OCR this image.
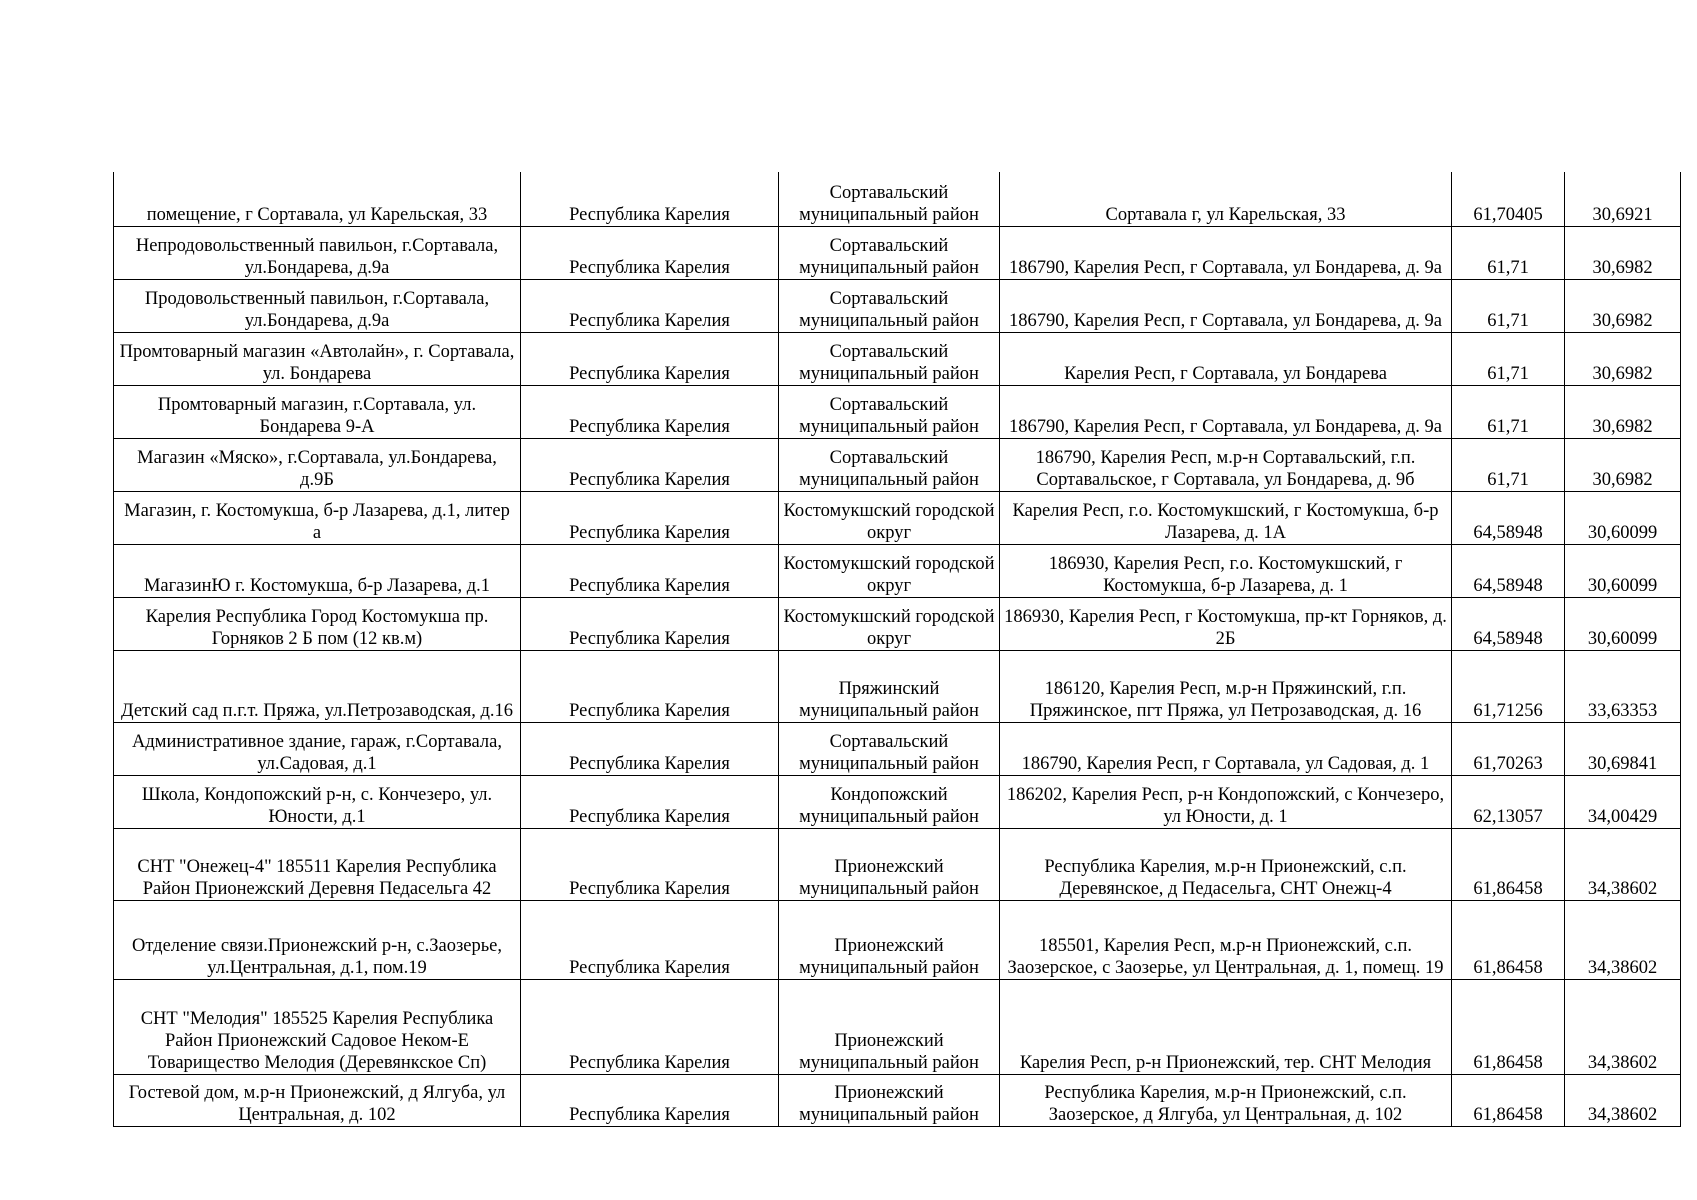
помещение, г Сортавала, ул Карельская, 33	Республика Карелия	Сортавальский муниципальный район	Сортавала г, ул Карельская, 33	61,70405	30,6921
Непродовольственный павильон, г.Сортавала, ул.Бондарева, д.9а	Республика Карелия	Сортавальский муниципальный район	186790, Карелия Респ, г Сортавала, ул Бондарева, д. 9а	61,71	30,6982
Продовольственный павильон, г.Сортавала, ул.Бондарева, д.9а	Республика Карелия	Сортавальский муниципальный район	186790, Карелия Респ, г Сортавала, ул Бондарева, д. 9а	61,71	30,6982
Промтоварный магазин «Автолайн», г. Сортавала, ул. Бондарева	Республика Карелия	Сортавальский муниципальный район	Карелия Респ, г Сортавала, ул Бондарева	61,71	30,6982
Промтоварный магазин, г.Сортавала, ул. Бондарева 9-А	Республика Карелия	Сортавальский муниципальный район	186790, Карелия Респ, г Сортавала, ул Бондарева, д. 9а	61,71	30,6982
Магазин «Мяско», г.Сортавала, ул.Бондарева, д.9Б	Республика Карелия	Сортавальский муниципальный район	186790, Карелия Респ, м.р-н Сортавальский, г.п. Сортавальское, г Сортавала, ул Бондарева, д. 9б	61,71	30,6982
Магазин, г. Костомукша, б-р Лазарева, д.1, литер а	Республика Карелия	Костомукшский городской округ	Карелия Респ, г.о. Костомукшский, г Костомукша, б-р Лазарева, д. 1А	64,58948	30,60099
МагазинЮ г. Костомукша, б-р Лазарева, д.1	Республика Карелия	Костомукшский городской округ	186930, Карелия Респ, г.о. Костомукшский, г Костомукша, б-р Лазарева, д. 1	64,58948	30,60099
Карелия Республика Город Костомукша пр. Горняков 2 Б пом (12 кв.м)	Республика Карелия	Костомукшский городской округ	186930, Карелия Респ, г Костомукша, пр-кт Горняков, д. 2Б	64,58948	30,60099
Детский сад п.г.т. Пряжа, ул.Петрозаводская, д.16	Республика Карелия	Пряжинский муниципальный район	186120, Карелия Респ, м.р-н Пряжинский, г.п. Пряжинское, пгт Пряжа, ул Петрозаводская, д. 16	61,71256	33,63353
Административное здание, гараж, г.Сортавала, ул.Садовая, д.1	Республика Карелия	Сортавальский муниципальный район	186790, Карелия Респ, г Сортавала, ул Садовая, д. 1	61,70263	30,69841
Школа, Кондопожский р-н, с. Кончезеро, ул. Юности, д.1	Республика Карелия	Кондопожский муниципальный район	186202, Карелия Респ, р-н Кондопожский, с Кончезеро, ул Юности, д. 1	62,13057	34,00429
СНТ "Онежец-4" 185511 Карелия Республика Район Прионежский Деревня Педасельга 42	Республика Карелия	Прионежский муниципальный район	Республика Карелия, м.р-н Прионежский, с.п. Деревянское, д Педасельга, СНТ Онежц-4	61,86458	34,38602
Отделение связи.Прионежский р-н, с.Заозерье, ул.Центральная, д.1, пом.19	Республика Карелия	Прионежский муниципальный район	185501, Карелия Респ, м.р-н Прионежский, с.п. Заозерское, с Заозерье, ул Центральная, д. 1, помещ. 19	61,86458	34,38602
СНТ "Мелодия" 185525 Карелия Республика Район Прионежский Садовое Неком-Е Товарищество Мелодия (Деревянкское Сп)	Республика Карелия	Прионежский муниципальный район	Карелия Респ, р-н Прионежский, тер. СНТ Мелодия	61,86458	34,38602
Гостевой дом, м.р-н Прионежский, д Ялгуба, ул Центральная, д. 102	Республика Карелия	Прионежский муниципальный район	Республика Карелия, м.р-н Прионежский, с.п. Заозерское, д Ялгуба, ул Центральная, д. 102	61,86458	34,38602
